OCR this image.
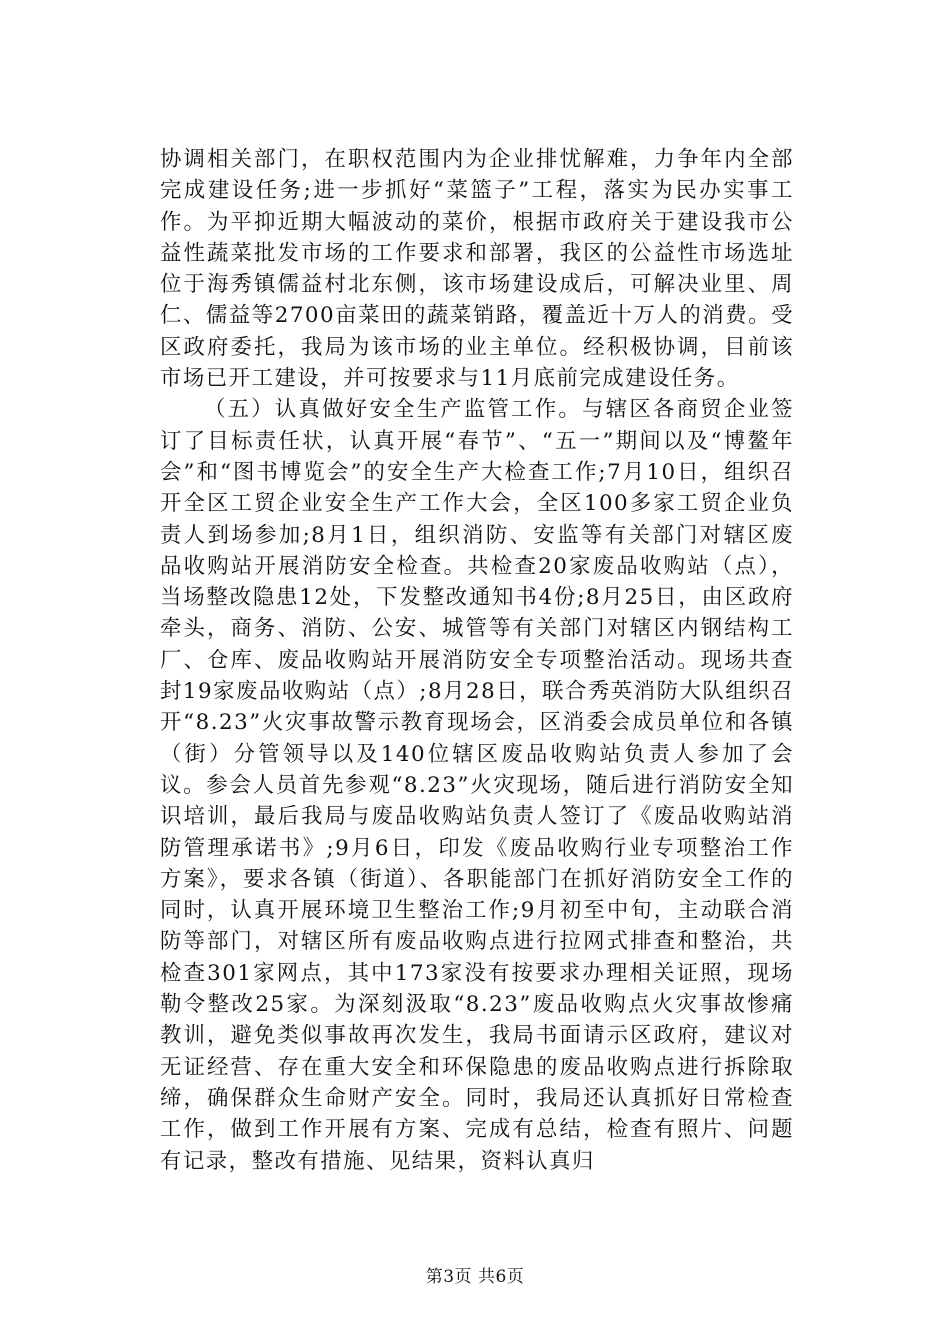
协调相关部门，在职权范围内为企业排忧解难，力争年内全部完成建设任务;进一步抓好“菜篮子”工程，落实为民办实事工作。为平抑近期大幅波动的菜价，根据市政府关于建设我市公益性蔬菜批发市场的工作要求和部署，我区的公益性市场选址位于海秀镇儒益村北东侧，该市场建设成后，可解决业里、周仁、儒益等2700亩菜田的蔬菜销路，覆盖近十万人的消费。受区政府委托，我局为该市场的业主单位。经积极协调，目前该市场已开工建设，并可按要求与11月底前完成建设任务。

（五）认真做好安全生产监管工作。与辖区各商贸企业签订了目标责任状，认真开展“春节”、“五一”期间以及“博鳌年会”和“图书博览会”的安全生产大检查工作;7月10日，组织召开全区工贸企业安全生产工作大会，全区100多家工贸企业负责人到场参加;8月1日，组织消防、安监等有关部门对辖区废品收购站开展消防安全检查。共检查20家废品收购站（点），当场整改隐患12处，下发整改通知书4份;8月25日，由区政府牵头，商务、消防、公安、城管等有关部门对辖区内钢结构工厂、仓库、废品收购站开展消防安全专项整治活动。现场共查封19家废品收购站（点）;8月28日，联合秀英消防大队组织召开“8.23”火灾事故警示教育现场会，区消委会成员单位和各镇（街）分管领导以及140位辖区废品收购站负责人参加了会议。参会人员首先参观“8.23”火灾现场，随后进行消防安全知识培训，最后我局与废品收购站负责人签订了《废品收购站消防管理承诺书》;9月6日，印发《废品收购行业专项整治工作方案》，要求各镇（街道）、各职能部门在抓好消防安全工作的同时，认真开展环境卫生整治工作;9月初至中旬，主动联合消防等部门，对辖区所有废品收购点进行拉网式排查和整治，共检查301家网点，其中173家没有按要求办理相关证照，现场勒令整改25家。为深刻汲取“8.23”废品收购点火灾事故惨痛教训，避免类似事故再次发生，我局书面请示区政府，建议对无证经营、存在重大安全和环保隐患的废品收购点进行拆除取缔，确保群众生命财产安全。同时，我局还认真抓好日常检查工作，做到工作开展有方案、完成有总结，检查有照片、问题有记录，整改有措施、见结果，资料认真归

第3页 共6页
